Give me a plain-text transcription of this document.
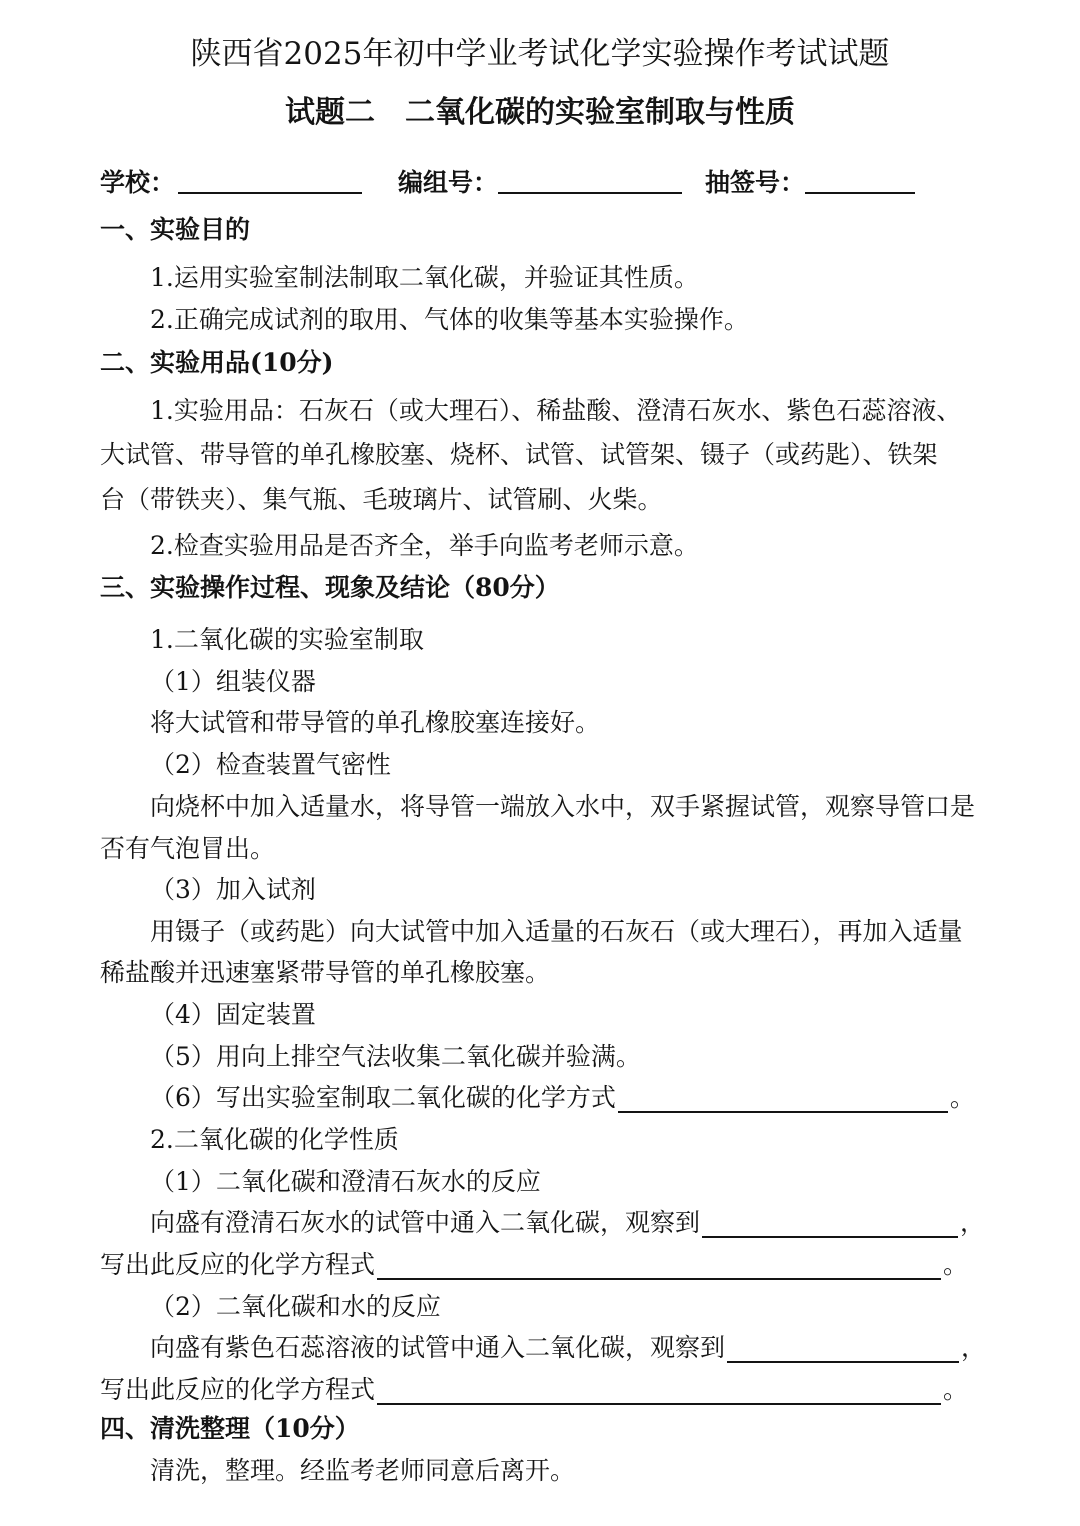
陕西省2025年初中学业考试化学实验操作考试试题
试题二　二氧化碳的实验室制取与性质
学校：	编组号：	抽签号：
一、实验目的
1.运用实验室制法制取二氧化碳，并验证其性质。
2.正确完成试剂的取用、气体的收集等基本实验操作。
二、实验用品(10分)
1.实验用品：石灰石（或大理石）、稀盐酸、澄清石灰水、紫色石蕊溶液、
大试管、带导管的单孔橡胶塞、烧杯、试管、试管架、镊子（或药匙）、铁架
台（带铁夹）、集气瓶、毛玻璃片、试管刷、火柴。
2.检查实验用品是否齐全，举手向监考老师示意。
三、实验操作过程、现象及结论（80分）
1.二氧化碳的实验室制取
（1）组装仪器
将大试管和带导管的单孔橡胶塞连接好。
（2）检查装置气密性
向烧杯中加入适量水，将导管一端放入水中，双手紧握试管，观察导管口是
否有气泡冒出。
（3）加入试剂
用镊子（或药匙）向大试管中加入适量的石灰石（或大理石），再加入适量
稀盐酸并迅速塞紧带导管的单孔橡胶塞。
（4）固定装置
（5）用向上排空气法收集二氧化碳并验满。
（6）写出实验室制取二氧化碳的化学方式	。
2.二氧化碳的化学性质
（1）二氧化碳和澄清石灰水的反应
向盛有澄清石灰水的试管中通入二氧化碳，观察到	，
写出此反应的化学方程式	。
（2）二氧化碳和水的反应
向盛有紫色石蕊溶液的试管中通入二氧化碳，观察到	，
写出此反应的化学方程式	。
四、清洗整理（10分）
清洗，整理。经监考老师同意后离开。
